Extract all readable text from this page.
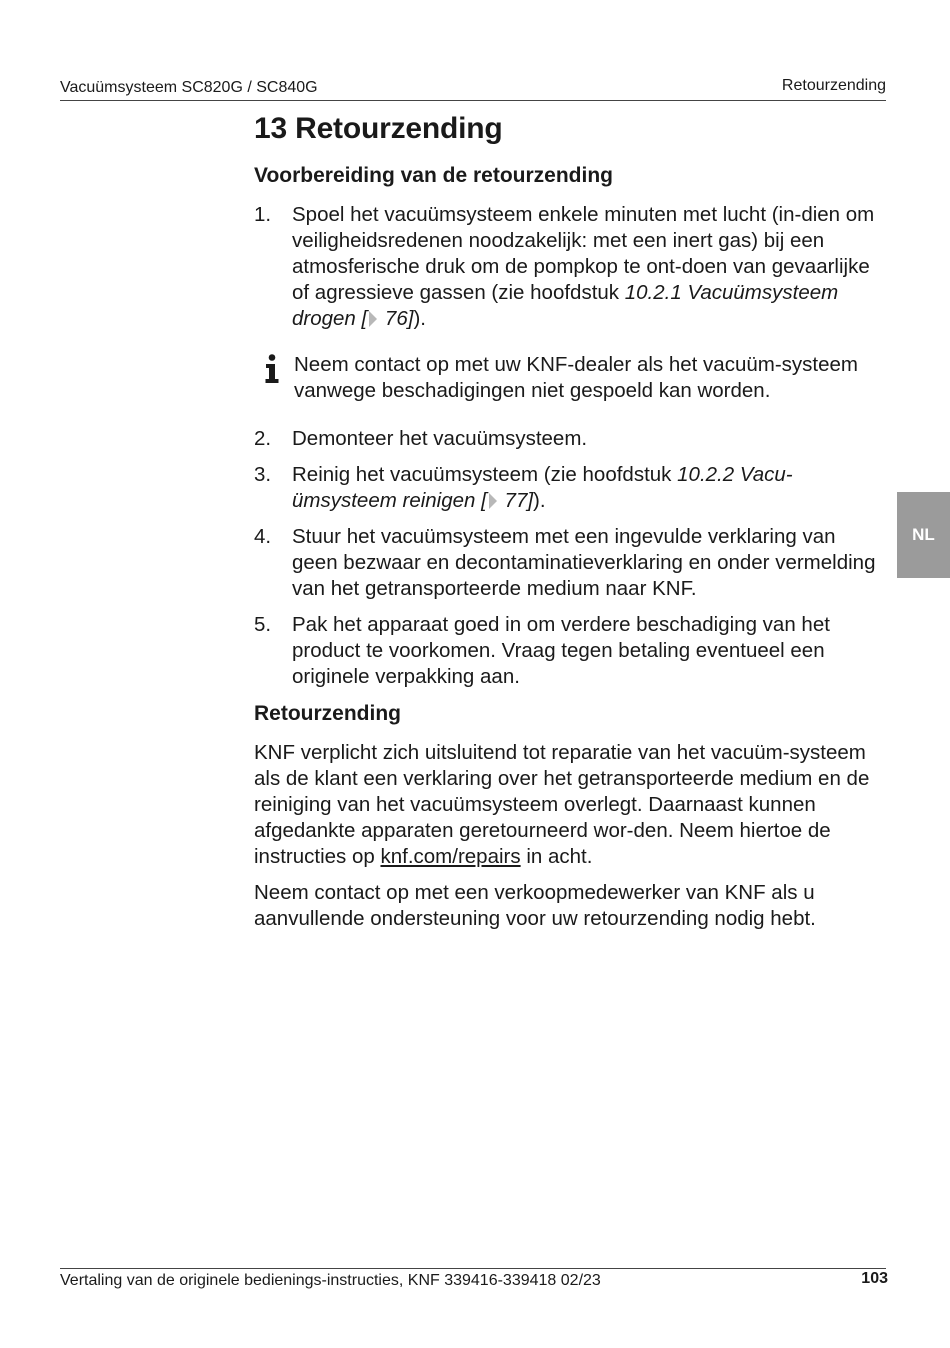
Vacuümsysteem SC820G / SC840G	Retourzending
NL
13 Retourzending
Voorbereiding van de retourzending
1. Spoel het vacuümsysteem enkele minuten met lucht (in-dien om veiligheidsredenen noodzakelijk: met een inert gas) bij een atmosferische druk om de pompkop te ont-doen van gevaarlijke of agressieve gassen (zie hoofdstuk 10.2.1 Vacuümsysteem drogen [ 76]).
Neem contact op met uw KNF-dealer als het vacuüm-systeem vanwege beschadigingen niet gespoeld kan worden.
2. Demonteer het vacuümsysteem.
3. Reinig het vacuümsysteem (zie hoofdstuk 10.2.2 Vacu-ümsysteem reinigen [ 77]).
4. Stuur het vacuümsysteem met een ingevulde verklaring van geen bezwaar en decontaminatieverklaring en onder vermelding van het getransporteerde medium naar KNF.
5. Pak het apparaat goed in om verdere beschadiging van het product te voorkomen. Vraag tegen betaling eventueel een originele verpakking aan.
Retourzending

KNF verplicht zich uitsluitend tot reparatie van het vacuüm-systeem als de klant een verklaring over het getransporteerde medium en de reiniging van het vacuümsysteem overlegt. Daarnaast kunnen afgedankte apparaten geretourneerd wor-den. Neem hiertoe de instructies op knf.com/repairs in acht.

Neem contact op met een verkoopmedewerker van KNF als u aanvullende ondersteuning voor uw retourzending nodig hebt.

Vertaling van de originele bedienings-instructies, KNF 339416-339418 02/23	103
